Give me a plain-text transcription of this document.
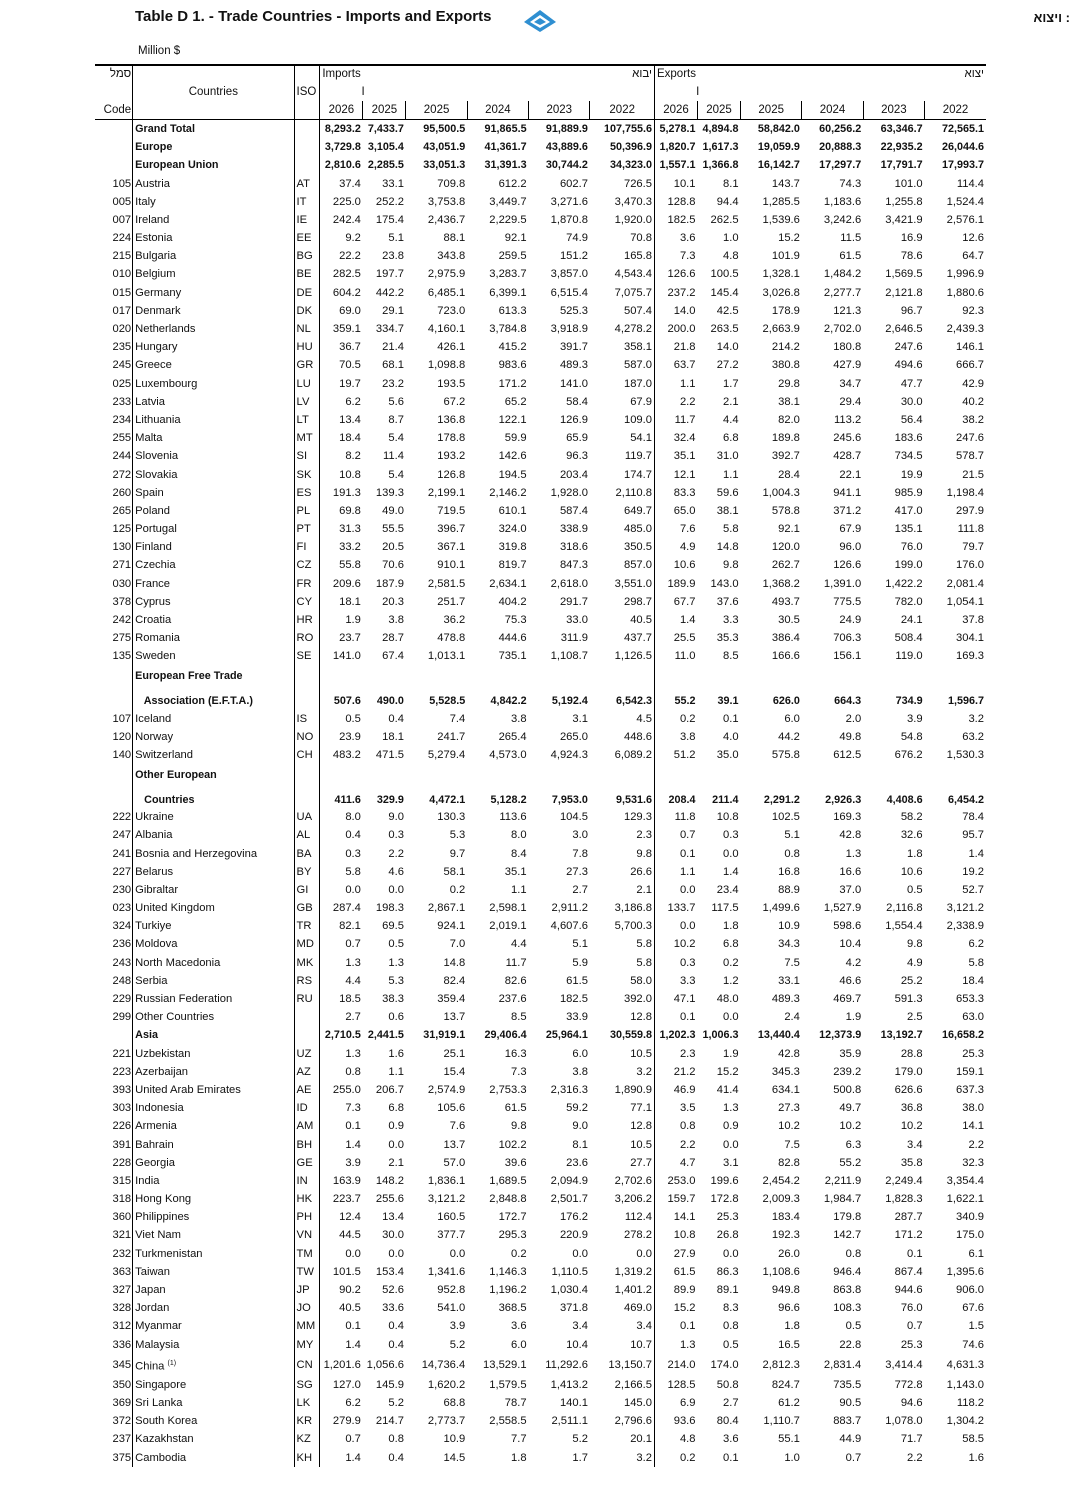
Table D 1. - Trade Countries - Imports and Exports	ויצוא :
Million $
סמל			Imports					יבוא	Exports					יצוא
	Countries	ISO	I						I					
Code			2026	2025	2025	2024	2023	2022	2026	2025	2025	2024	2023	2022
	Grand Total		8,293.2	7,433.7	95,500.5	91,865.5	91,889.9	107,755.6	5,278.1	4,894.8	58,842.0	60,256.2	63,346.7	72,565.1
	Europe		3,729.8	3,105.4	43,051.9	41,361.7	43,889.6	50,396.9	1,820.7	1,617.3	19,059.9	20,888.3	22,935.2	26,044.6
	European Union		2,810.6	2,285.5	33,051.3	31,391.3	30,744.2	34,323.0	1,557.1	1,366.8	16,142.7	17,297.7	17,791.7	17,993.7
105	Austria	AT	37.4	33.1	709.8	612.2	602.7	726.5	10.1	8.1	143.7	74.3	101.0	114.4
005	Italy	IT	225.0	252.2	3,753.8	3,449.7	3,271.6	3,470.3	128.8	94.4	1,285.5	1,183.6	1,255.8	1,524.4
007	Ireland	IE	242.4	175.4	2,436.7	2,229.5	1,870.8	1,920.0	182.5	262.5	1,539.6	3,242.6	3,421.9	2,576.1
224	Estonia	EE	9.2	5.1	88.1	92.1	74.9	70.8	3.6	1.0	15.2	11.5	16.9	12.6
215	Bulgaria	BG	22.2	23.8	343.8	259.5	151.2	165.8	7.3	4.8	101.9	61.5	78.6	64.7
010	Belgium	BE	282.5	197.7	2,975.9	3,283.7	3,857.0	4,543.4	126.6	100.5	1,328.1	1,484.2	1,569.5	1,996.9
015	Germany	DE	604.2	442.2	6,485.1	6,399.1	6,515.4	7,075.7	237.2	145.4	3,026.8	2,277.7	2,121.8	1,880.6
017	Denmark	DK	69.0	29.1	723.0	613.3	525.3	507.4	14.0	42.5	178.9	121.3	96.7	92.3
020	Netherlands	NL	359.1	334.7	4,160.1	3,784.8	3,918.9	4,278.2	200.0	263.5	2,663.9	2,702.0	2,646.5	2,439.3
235	Hungary	HU	36.7	21.4	426.1	415.2	391.7	358.1	21.8	14.0	214.2	180.8	247.6	146.1
245	Greece	GR	70.5	68.1	1,098.8	983.6	489.3	587.0	63.7	27.2	380.8	427.9	494.6	666.7
025	Luxembourg	LU	19.7	23.2	193.5	171.2	141.0	187.0	1.1	1.7	29.8	34.7	47.7	42.9
233	Latvia	LV	6.2	5.6	67.2	65.2	58.4	67.9	2.2	2.1	38.1	29.4	30.0	40.2
234	Lithuania	LT	13.4	8.7	136.8	122.1	126.9	109.0	11.7	4.4	82.0	113.2	56.4	38.2
255	Malta	MT	18.4	5.4	178.8	59.9	65.9	54.1	32.4	6.8	189.8	245.6	183.6	247.6
244	Slovenia	SI	8.2	11.4	193.2	142.6	96.3	119.7	35.1	31.0	392.7	428.7	734.5	578.7
272	Slovakia	SK	10.8	5.4	126.8	194.5	203.4	174.7	12.1	1.1	28.4	22.1	19.9	21.5
260	Spain	ES	191.3	139.3	2,199.1	2,146.2	1,928.0	2,110.8	83.3	59.6	1,004.3	941.1	985.9	1,198.4
265	Poland	PL	69.8	49.0	719.5	610.1	587.4	649.7	65.0	38.1	578.8	371.2	417.0	297.9
125	Portugal	PT	31.3	55.5	396.7	324.0	338.9	485.0	7.6	5.8	92.1	67.9	135.1	111.8
130	Finland	FI	33.2	20.5	367.1	319.8	318.6	350.5	4.9	14.8	120.0	96.0	76.0	79.7
271	Czechia	CZ	55.8	70.6	910.1	819.7	847.3	857.0	10.6	9.8	262.7	126.6	199.0	176.0
030	France	FR	209.6	187.9	2,581.5	2,634.1	2,618.0	3,551.0	189.9	143.0	1,368.2	1,391.0	1,422.2	2,081.4
378	Cyprus	CY	18.1	20.3	251.7	404.2	291.7	298.7	67.7	37.6	493.7	775.5	782.0	1,054.1
242	Croatia	HR	1.9	3.8	36.2	75.3	33.0	40.5	1.4	3.3	30.5	24.9	24.1	37.8
275	Romania	RO	23.7	28.7	478.8	444.6	311.9	437.7	25.5	35.3	386.4	706.3	508.4	304.1
135	Sweden	SE	141.0	67.4	1,013.1	735.1	1,108.7	1,126.5	11.0	8.5	166.6	156.1	119.0	169.3
	European Free Trade													
	Association (E.F.T.A.)		507.6	490.0	5,528.5	4,842.2	5,192.4	6,542.3	55.2	39.1	626.0	664.3	734.9	1,596.7
107	Iceland	IS	0.5	0.4	7.4	3.8	3.1	4.5	0.2	0.1	6.0	2.0	3.9	3.2
120	Norway	NO	23.9	18.1	241.7	265.4	265.0	448.6	3.8	4.0	44.2	49.8	54.8	63.2
140	Switzerland	CH	483.2	471.5	5,279.4	4,573.0	4,924.3	6,089.2	51.2	35.0	575.8	612.5	676.2	1,530.3
	Other European													
	Countries		411.6	329.9	4,472.1	5,128.2	7,953.0	9,531.6	208.4	211.4	2,291.2	2,926.3	4,408.6	6,454.2
222	Ukraine	UA	8.0	9.0	130.3	113.6	104.5	129.3	11.8	10.8	102.5	169.3	58.2	78.4
247	Albania	AL	0.4	0.3	5.3	8.0	3.0	2.3	0.7	0.3	5.1	42.8	32.6	95.7
241	Bosnia and Herzegovina	BA	0.3	2.2	9.7	8.4	7.8	9.8	0.1	0.0	0.8	1.3	1.8	1.4
227	Belarus	BY	5.8	4.6	58.1	35.1	27.3	26.6	1.1	1.4	16.8	16.6	10.6	19.2
230	Gibraltar	GI	0.0	0.0	0.2	1.1	2.7	2.1	0.0	23.4	88.9	37.0	0.5	52.7
023	United Kingdom	GB	287.4	198.3	2,867.1	2,598.1	2,911.2	3,186.8	133.7	117.5	1,499.6	1,527.9	2,116.8	3,121.2
324	Turkiye	TR	82.1	69.5	924.1	2,019.1	4,607.6	5,700.3	0.0	1.8	10.9	598.6	1,554.4	2,338.9
236	Moldova	MD	0.7	0.5	7.0	4.4	5.1	5.8	10.2	6.8	34.3	10.4	9.8	6.2
243	North Macedonia	MK	1.3	1.3	14.8	11.7	5.9	5.8	0.3	0.2	7.5	4.2	4.9	5.8
248	Serbia	RS	4.4	5.3	82.4	82.6	61.5	58.0	3.3	1.2	33.1	46.6	25.2	18.4
229	Russian Federation	RU	18.5	38.3	359.4	237.6	182.5	392.0	47.1	48.0	489.3	469.7	591.3	653.3
299	Other Countries		2.7	0.6	13.7	8.5	33.9	12.8	0.1	0.0	2.4	1.9	2.5	63.0
	Asia		2,710.5	2,441.5	31,919.1	29,406.4	25,964.1	30,559.8	1,202.3	1,006.3	13,440.4	12,373.9	13,192.7	16,658.2
221	Uzbekistan	UZ	1.3	1.6	25.1	16.3	6.0	10.5	2.3	1.9	42.8	35.9	28.8	25.3
223	Azerbaijan	AZ	0.8	1.1	15.4	7.3	3.8	3.2	21.2	15.2	345.3	239.2	179.0	159.1
393	United Arab Emirates	AE	255.0	206.7	2,574.9	2,753.3	2,316.3	1,890.9	46.9	41.4	634.1	500.8	626.6	637.3
303	Indonesia	ID	7.3	6.8	105.6	61.5	59.2	77.1	3.5	1.3	27.3	49.7	36.8	38.0
226	Armenia	AM	0.1	0.9	7.6	9.8	9.0	12.8	0.8	0.9	10.2	10.2	10.2	14.1
391	Bahrain	BH	1.4	0.0	13.7	102.2	8.1	10.5	2.2	0.0	7.5	6.3	3.4	2.2
228	Georgia	GE	3.9	2.1	57.0	39.6	23.6	27.7	4.7	3.1	82.8	55.2	35.8	32.3
315	India	IN	163.9	148.2	1,836.1	1,689.5	2,094.9	2,702.6	253.0	199.6	2,454.2	2,211.9	2,249.4	3,354.4
318	Hong Kong	HK	223.7	255.6	3,121.2	2,848.8	2,501.7	3,206.2	159.7	172.8	2,009.3	1,984.7	1,828.3	1,622.1
360	Philippines	PH	12.4	13.4	160.5	172.7	176.2	112.4	14.1	25.3	183.4	179.8	287.7	340.9
321	Viet Nam	VN	44.5	30.0	377.7	295.3	220.9	278.2	10.8	26.8	192.3	142.7	171.2	175.0
232	Turkmenistan	TM	0.0	0.0	0.0	0.2	0.0	0.0	27.9	0.0	26.0	0.8	0.1	6.1
363	Taiwan	TW	101.5	153.4	1,341.6	1,146.3	1,110.5	1,319.2	61.5	86.3	1,108.6	946.4	867.4	1,395.6
327	Japan	JP	90.2	52.6	952.8	1,196.2	1,030.4	1,401.2	89.9	89.1	949.8	863.8	944.6	906.0
328	Jordan	JO	40.5	33.6	541.0	368.5	371.8	469.0	15.2	8.3	96.6	108.3	76.0	67.6
312	Myanmar	MM	0.1	0.4	3.9	3.6	3.4	3.4	0.1	0.8	1.8	0.5	0.7	1.5
336	Malaysia	MY	1.4	0.4	5.2	6.0	10.4	10.7	1.3	0.5	16.5	22.8	25.3	74.6
345	China $^{(1)}$	CN	1,201.6	1,056.6	14,736.4	13,529.1	11,292.6	13,150.7	214.0	174.0	2,812.3	2,831.4	3,414.4	4,631.3
350	Singapore	SG	127.0	145.9	1,620.2	1,579.5	1,413.2	2,166.5	128.5	50.8	824.7	735.5	772.8	1,143.0
369	Sri Lanka	LK	6.2	5.2	68.8	78.7	140.1	145.0	6.9	2.7	61.2	90.5	94.6	118.2
372	South Korea	KR	279.9	214.7	2,773.7	2,558.5	2,511.1	2,796.6	93.6	80.4	1,110.7	883.7	1,078.0	1,304.2
237	Kazakhstan	KZ	0.7	0.8	10.9	7.7	5.2	20.1	4.8	3.6	55.1	44.9	71.7	58.5
375	Cambodia	KH	1.4	0.4	14.5	1.8	1.7	3.2	0.2	0.1	1.0	0.7	2.2	1.6
